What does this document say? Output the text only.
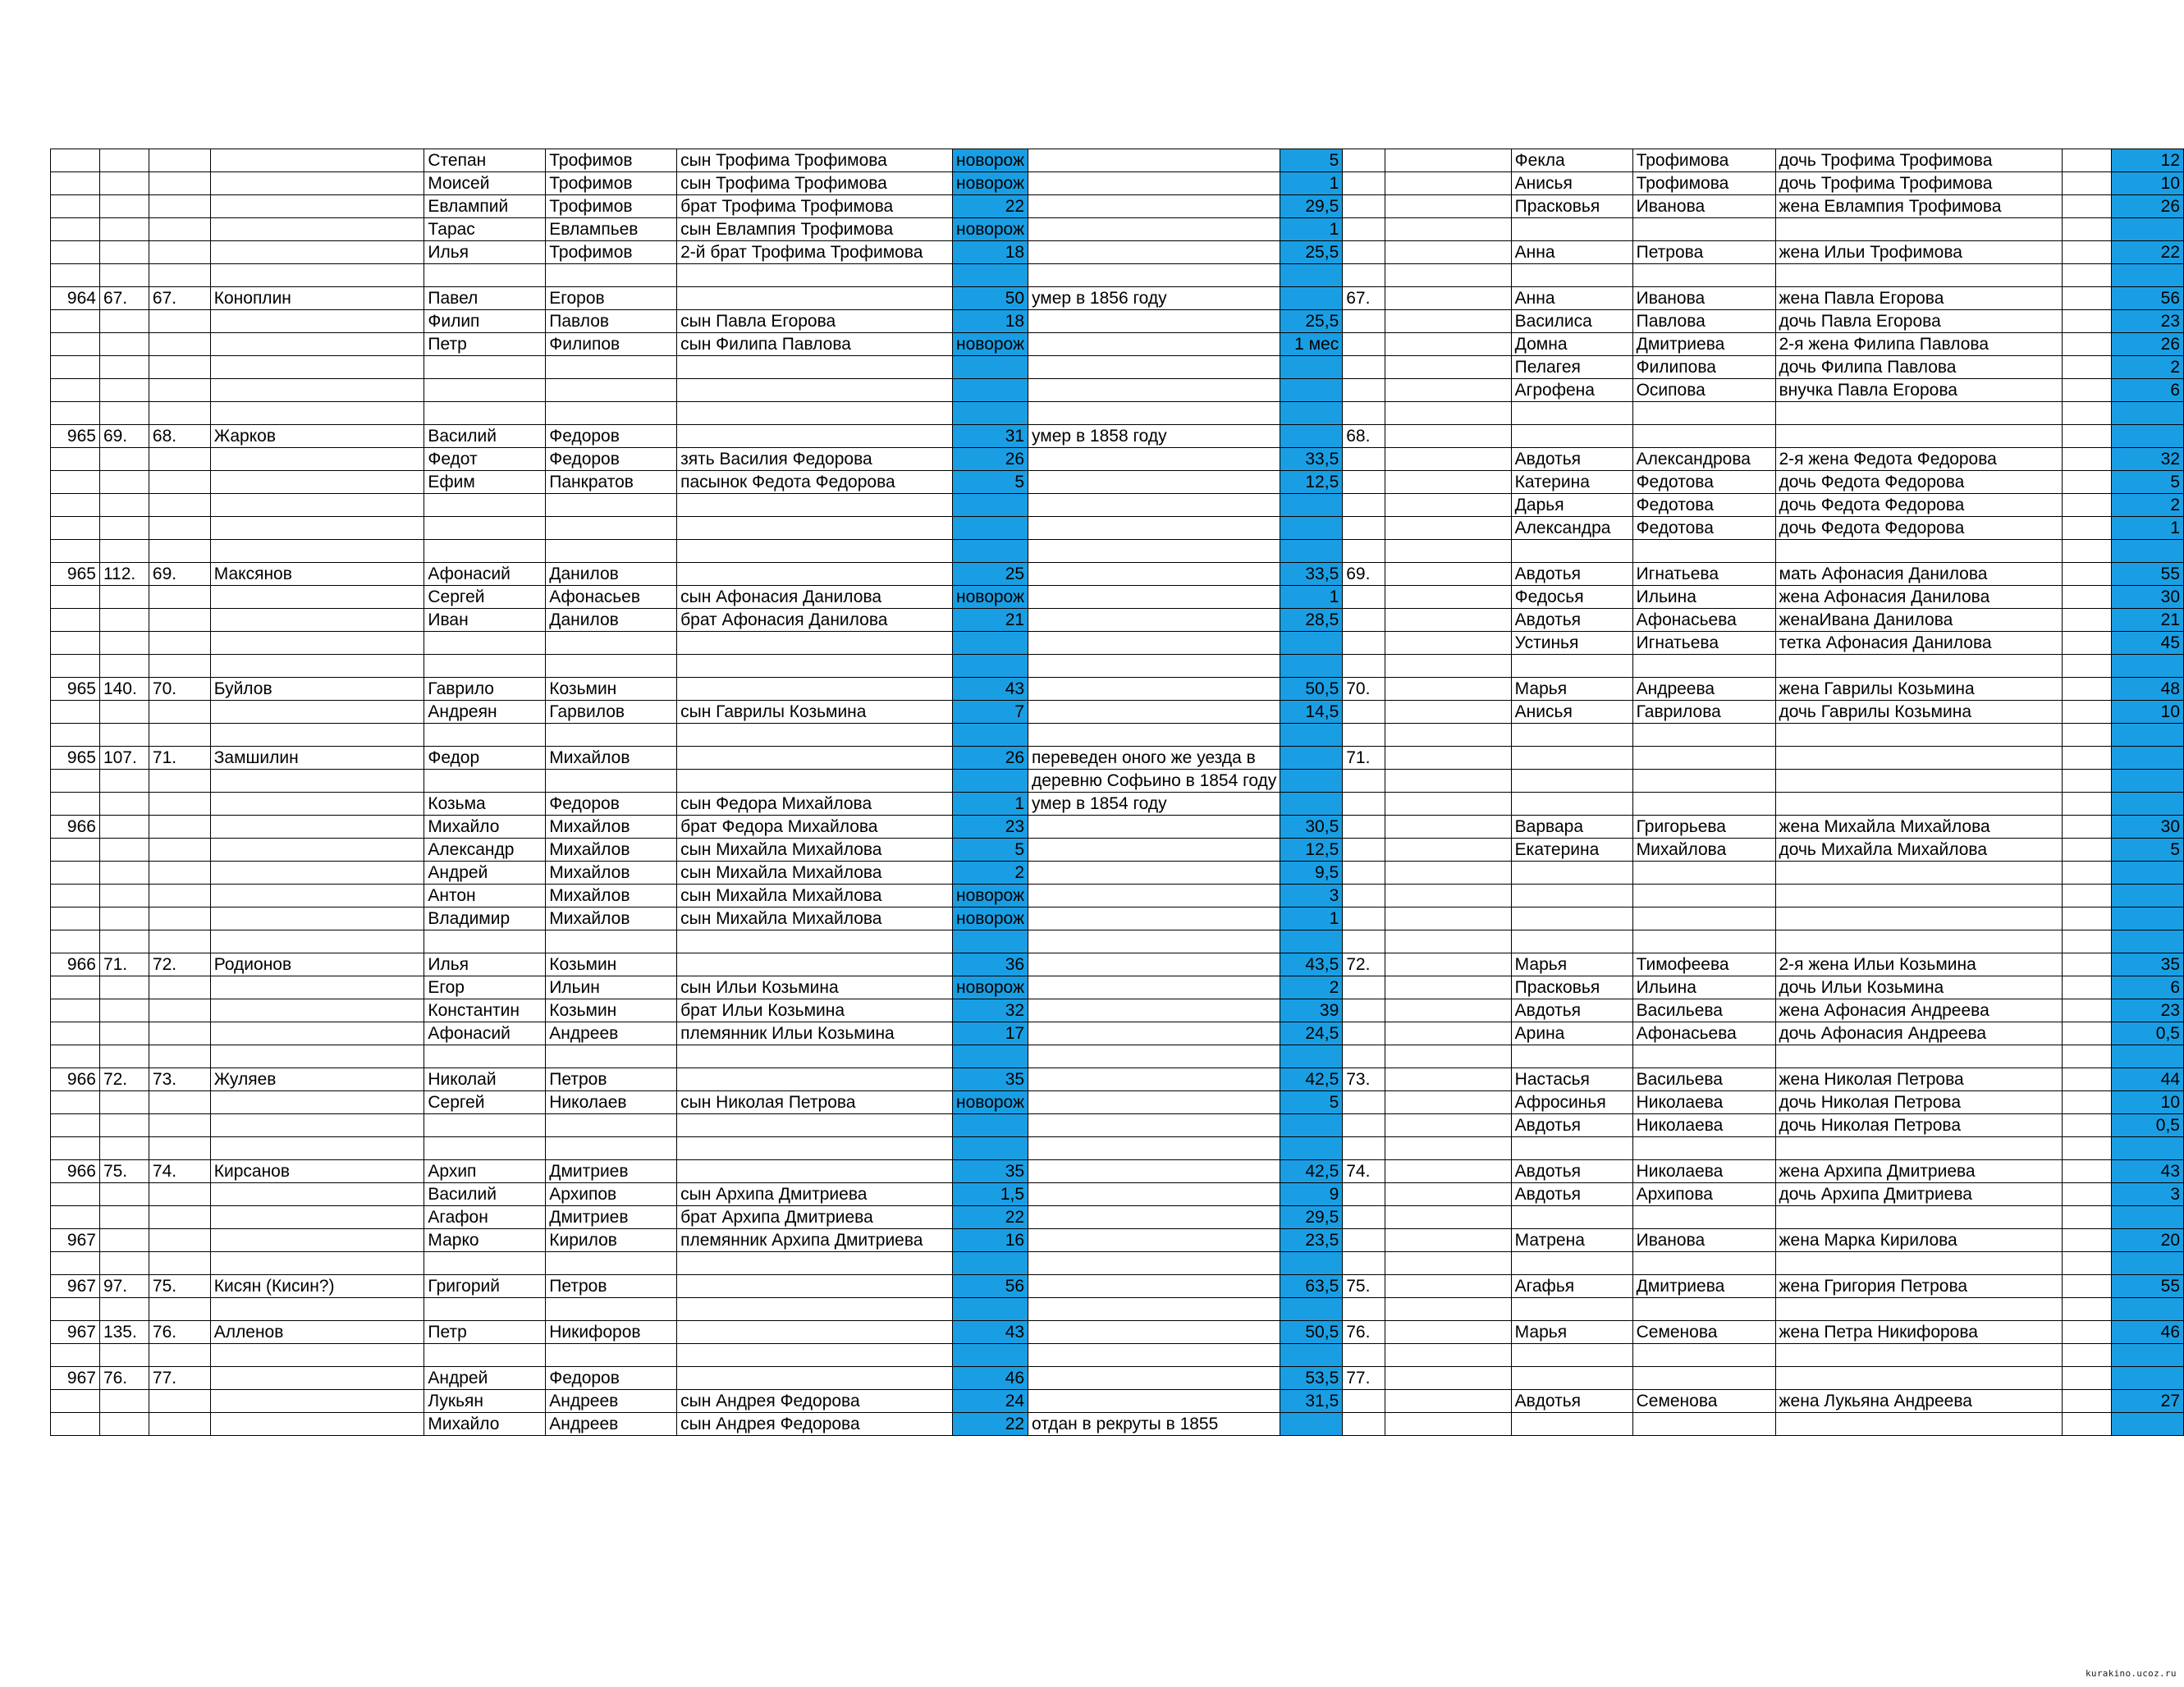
				Степан	Трофимов	сын Трофима Трофимова	новорож		5			Фекла	Трофимова	дочь Трофима Трофимова		12
				Моисей	Трофимов	сын Трофима Трофимова	новорож		1			Анисья	Трофимова	дочь Трофима Трофимова		10
				Евлампий	Трофимов	брат Трофима Трофимова	22		29,5			Прасковья	Иванова	жена Евлампия Трофимова		26
				Тарас	Евлампьев	сын Евлампия Трофимова	новорож		1							
				Илья	Трофимов	2-й брат Трофима Трофимова	18		25,5			Анна	Петрова	жена Ильи Трофимова		22

964	67.	67.	Коноплин	Павел	Егоров		50	умер в 1856 году		67.		Анна	Иванова	жена Павла Егорова		56
				Филип	Павлов	сын Павла Егорова	18		25,5			Василиса	Павлова	дочь Павла Егорова		23
				Петр	Филипов	сын Филипа Павлова	новорож		1 мес			Домна	Дмитриева	2-я жена Филипа Павлова		26
												Пелагея	Филипова	дочь Филипа Павлова		2
												Агрофена	Осипова	внучка Павла Егорова		6

965	69.	68.	Жарков	Василий	Федоров		31	умер в 1858 году		68.						
				Федот	Федоров	зять Василия Федорова	26		33,5			Авдотья	Александрова	2-я жена Федота Федорова		32
				Ефим	Панкратов	пасынок Федота Федорова	5		12,5			Катерина	Федотова	дочь Федота Федорова		5
												Дарья	Федотова	дочь Федота Федорова		2
												Александра	Федотова	дочь Федота Федорова		1

965	112.	69.	Максянов	Афонасий	Данилов		25		33,5	69.		Авдотья	Игнатьева	мать Афонасия Данилова		55
				Сергей	Афонасьев	сын Афонасия Данилова	новорож		1			Федосья	Ильина	жена Афонасия Данилова		30
				Иван	Данилов	брат Афонасия Данилова	21		28,5			Авдотья	Афонасьева	женаИвана Данилова		21
												Устинья	Игнатьева	тетка Афонасия Данилова		45

965	140.	70.	Буйлов	Гаврило	Козьмин		43		50,5	70.		Марья	Андреева	жена Гаврилы Козьмина		48
				Андреян	Гарвилов	сын Гаврилы Козьмина	7		14,5			Анисья	Гаврилова	дочь Гаврилы Козьмина		10

965	107.	71.	Замшилин	Федор	Михайлов		26	переведен оного же уезда в		71.						
								деревню Софьино в 1854 году								
				Козьма	Федоров	сын Федора Михайлова	1	умер в 1854 году								
966				Михайло	Михайлов	брат Федора Михайлова	23		30,5			Варвара	Григорьева	жена Михайла Михайлова		30
				Александр	Михайлов	сын Михайла Михайлова	5		12,5			Екатерина	Михайлова	дочь Михайла Михайлова		5
				Андрей	Михайлов	сын Михайла Михайлова	2		9,5							
				Антон	Михайлов	сын Михайла Михайлова	новорож		3							
				Владимир	Михайлов	сын Михайла Михайлова	новорож		1							

966	71.	72.	Родионов	Илья	Козьмин		36		43,5	72.		Марья	Тимофеева	2-я жена Ильи Козьмина		35
				Егор	Ильин	сын Ильи Козьмина	новорож		2			Прасковья	Ильина	дочь Ильи Козьмина		6
				Константин	Козьмин	брат Ильи Козьмина	32		39			Авдотья	Васильева	жена Афонасия Андреева		23
				Афонасий	Андреев	племянник Ильи Козьмина	17		24,5			Арина	Афонасьева	дочь Афонасия Андреева		0,5

966	72.	73.	Жуляев	Николай	Петров		35		42,5	73.		Настасья	Васильева	жена Николая Петрова		44
				Сергей	Николаев	сын Николая Петрова	новорож		5			Афросинья	Николаева	дочь Николая Петрова		10
												Авдотья	Николаева	дочь Николая Петрова		0,5

966	75.	74.	Кирсанов	Архип	Дмитриев		35		42,5	74.		Авдотья	Николаева	жена Архипа Дмитриева		43
				Василий	Архипов	сын Архипа Дмитриева	1,5		9			Авдотья	Архипова	дочь Архипа Дмитриева		3
				Агафон	Дмитриев	брат Архипа Дмитриева	22		29,5							
967				Марко	Кирилов	племянник Архипа Дмитриева	16		23,5			Матрена	Иванова	жена Марка Кирилова		20

967	97.	75.	Кисян (Кисин?)	Григорий	Петров		56		63,5	75.		Агафья	Дмитриева	жена Григория Петрова		55

967	135.	76.	Алленов	Петр	Никифоров		43		50,5	76.		Марья	Семенова	жена Петра Никифорова		46

967	76.	77.		Андрей	Федоров		46		53,5	77.						
				Лукьян	Андреев	сын Андрея Федорова	24		31,5			Авдотья	Семенова	жена Лукьяна Андреева		27
				Михайло	Андреев	сын Андрея Федорова	22	отдан в рекруты в 1855								
kurakino.ucoz.ru
